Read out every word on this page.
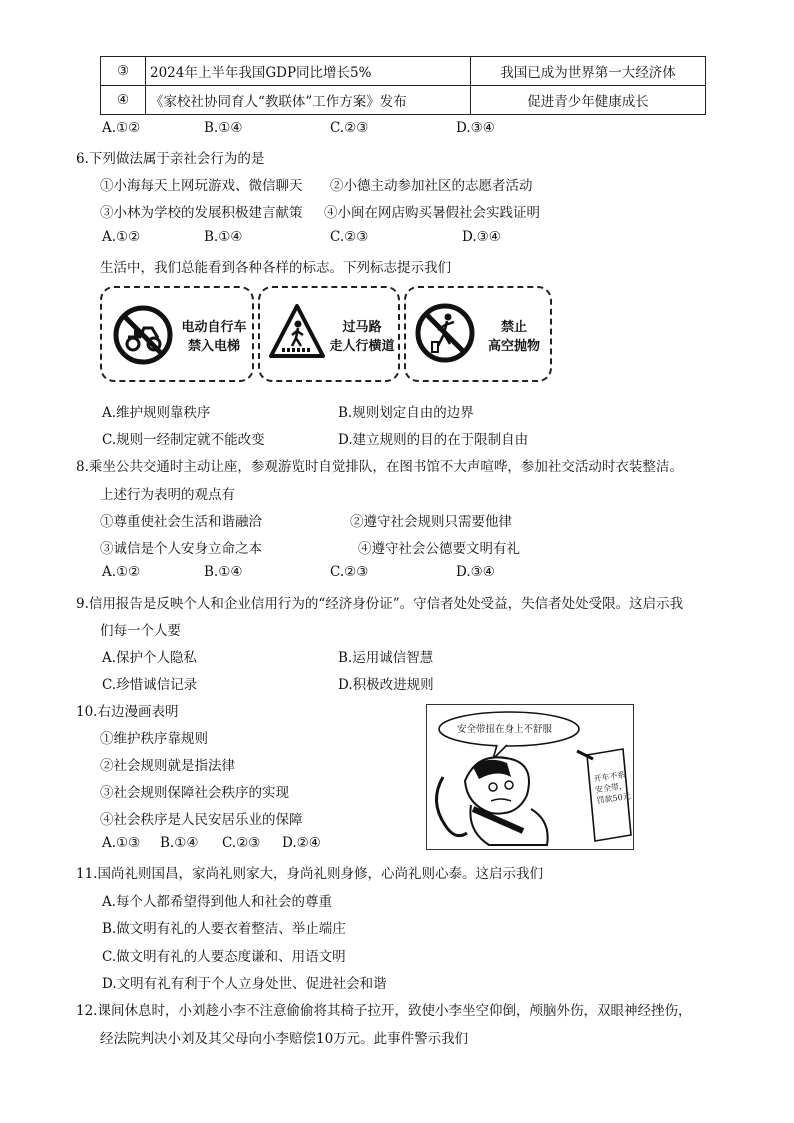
③	2024年上半年我国GDP同比增长5%	我国已成为世界第一大经济体
④	《家校社协同育人“教联体”工作方案》发布	促进青少年健康成长
A.①②	B.①④	C.②③	D.③④
6.下列做法属于亲社会行为的是
①小海每天上网玩游戏、微信聊天 ②小德主动参加社区的志愿者活动
③小林为学校的发展积极建言献策 ④小闽在网店购买暑假社会实践证明
A.①②	B.①④	C.②③	D.③④
生活中，我们总能看到各种各样的标志。下列标志提示我们
电动自行车
禁入电梯
过马路
走人行横道
禁止
高空抛物
A.维护规则靠秩序	B.规则划定自由的边界
C.规则一经制定就不能改变	D.建立规则的目的在于限制自由
8.乘坐公共交通时主动让座，参观游览时自觉排队，在图书馆不大声喧哗，参加社交活动时衣装整洁。
上述行为表明的观点有
①尊重使社会生活和谐融洽	②遵守社会规则只需要他律
③诚信是个人安身立命之本	④遵守社会公德要文明有礼
A.①②	B.①④	C.②③	D.③④
9.信用报告是反映个人和企业信用行为的“经济身份证”。守信者处处受益，失信者处处受限。这启示我
们每一个人要
A.保护个人隐私	B.运用诚信智慧
C.珍惜诚信记录	D.积极改进规则
10.右边漫画表明
①维护秩序靠规则
②社会规则就是指法律
③社会规则保障社会秩序的实现
④社会秩序是人民安居乐业的保障
A.①③ B.①④ C.②③ D.②④
安全带扭在身上不舒服
开车不系安全带，罚款50元
11.国尚礼则国昌，家尚礼则家大，身尚礼则身修，心尚礼则心泰。这启示我们
A.每个人都希望得到他人和社会的尊重
B.做文明有礼的人要衣着整洁、举止端庄
C.做文明有礼的人要态度谦和、用语文明
D.文明有礼有利于个人立身处世、促进社会和谐
12.课间休息时，小刘趁小李不注意偷偷将其椅子拉开，致使小李坐空仰倒，颅脑外伤，双眼神经挫伤，
经法院判决小刘及其父母向小李赔偿10万元。此事件警示我们
